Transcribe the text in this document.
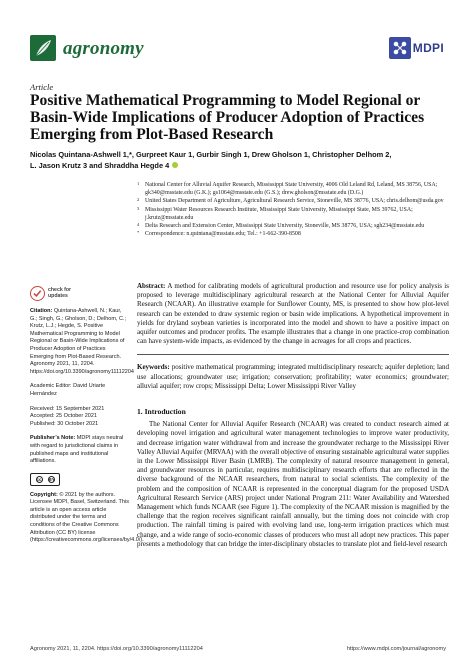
agronomy	MDPI
Article
Positive Mathematical Programming to Model Regional or Basin-Wide Implications of Producer Adoption of Practices Emerging from Plot-Based Research
Nicolas Quintana-Ashwell 1,*, Gurpreet Kaur 1, Gurbir Singh 1, Drew Gholson 1, Christopher Delhom 2,
L. Jason Krutz 3 and Shraddha Hegde 4
1 National Center for Alluvial Aquifer Research, Mississippi State University, 4006 Old Leland Rd, Leland, MS 38756, USA; gk340@msstate.edu (G.K.); gs1064@msstate.edu (G.S.); drew.gholson@msstate.edu (D.G.)
2 United States Department of Agriculture, Agricultural Research Service, Stoneville, MS 38776, USA; chris.delhom@usda.gov
3 Mississippi Water Resources Research Institute, Mississippi State University, Mississippi State, MS 39762, USA; j.krutz@msstate.edu
4 Delta Research and Extension Center, Mississippi State University, Stoneville, MS 38776, USA; sgh234@msstate.edu
* Correspondence: n.quintana@msstate.edu; Tel.: +1-662-390-8508
check for
updates
Citation: Quintana-Ashwell, N.; Kaur, G.; Singh, G.; Gholson, D.; Delhom, C.; Krutz, L.J.; Hegde, S. Positive Mathematical Programming to Model Regional or Basin-Wide Implications of Producer Adoption of Practices Emerging from Plot-Based Research. Agronomy 2021, 11, 2204. https://doi.org/10.3390/agronomy11112204
Academic Editor: David Uriarte Hernández
Received: 15 September 2021
Accepted: 25 October 2021
Published: 30 October 2021
Publisher’s Note: MDPI stays neutral with regard to jurisdictional claims in published maps and institutional affiliations.
cc BY
Copyright: © 2021 by the authors. Licensee MDPI, Basel, Switzerland. This article is an open access article distributed under the terms and conditions of the Creative Commons Attribution (CC BY) license (https://creativecommons.org/licenses/by/4.0/).
Abstract: A method for calibrating models of agricultural production and resource use for policy analysis is proposed to leverage multidisciplinary agricultural research at the National Center for Alluvial Aquifer Research (NCAAR). An illustrative example for Sunflower County, MS, is presented to show how plot-level research can be extended to draw systemic region or basin wide implications. A hypothetical improvement in yields for dryland soybean varieties is incorporated into the model and shown to have a positive impact on aquifer outcomes and producer profits. The example illustrates that a change in one practice-crop combination can have system-wide impacts, as evidenced by the change in acreages for all crops and practices.
Keywords: positive mathematical programming; integrated multidisciplinary research; aquifer depletion; land use allocations; groundwater use; irrigation; conservation; profitability; water economics; groundwater; alluvial aquifer; row crops; Mississippi Delta; Lower Mississippi River Valley
1. Introduction
The National Center for Alluvial Aquifer Research (NCAAR) was created to conduct research aimed at developing novel irrigation and agricultural water management technologies to improve water productivity, and decrease irrigation water withdrawal from and increase the groundwater recharge to the Mississippi River Valley Alluvial Aquifer (MRVAA) with the overall objective of ensuring sustainable agricultural water supplies in the Lower Mississippi River Basin (LMRB). The complexity of natural resource management in general, and groundwater resources in particular, requires multidisciplinary research efforts that are reflected in the diverse background of the NCAAR researchers, from natural to social scientists. The complexity of the problem and the composition of NCAAR is represented in the conceptual diagram for the proposed USDA Agricultural Research Service (ARS) project under National Program 211: Water Availability and Watershed Management which funds NCAAR (see Figure 1). The complexity of the NCAAR mission is magnified by the challenge that the region receives significant rainfall annually, but the timing does not coincide with crop production. The rainfall timing is paired with evolving land use, long-term irrigation practices which must change, and a wide range of socio-economic classes of producers who must all adopt new practices. This paper presents a methodology that can bridge the inter-disciplinary obstacles to translate plot and field-level research
Agronomy 2021, 11, 2204. https://doi.org/10.3390/agronomy11112204	https://www.mdpi.com/journal/agronomy
